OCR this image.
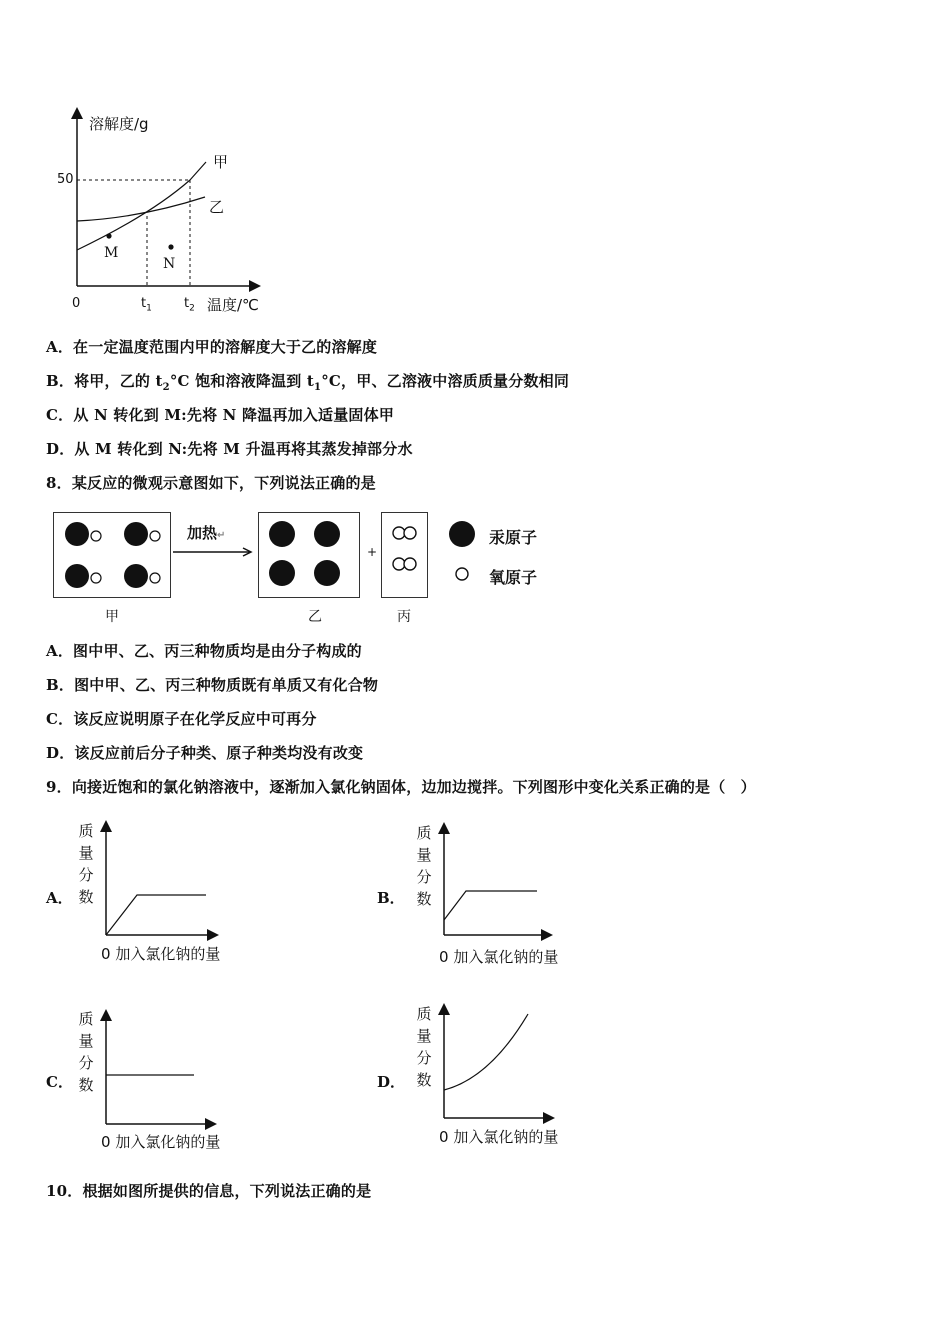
溶解度/g
50
0	$t_1$ $t_2$ 温度/℃
甲
乙
M
N
A．在一定温度范围内甲的溶解度大于乙的溶解度
B．将甲，乙的 $t_2^\circ C$ 饱和溶液降温到 $t_1^\circ C$，甲、乙溶液中溶质质量分数相同
C．从 N 转化到 M:先将 N 降温再加入适量固体甲
D．从 M 转化到 N:先将 M 升温再将其蒸发掉部分水
8．某反应的微观示意图如下，下列说法正确的是
加热↵
+
甲	乙	丙
汞原子
氧原子
A．图中甲、乙、丙三种物质均是由分子构成的
B．图中甲、乙、丙三种物质既有单质又有化合物
C．该反应说明原子在化学反应中可再分
D．该反应前后分子种类、原子种类均没有改变
9．向接近饱和的氯化钠溶液中，逐渐加入氯化钠固体，边加边搅拌。下列图形中变化关系正确的是（　）
A．
质
量
分
数
0 加入氯化钠的量
B．
质
量
分
数
0 加入氯化钠的量
C．
质
量
分
数
0 加入氯化钠的量
D．
质
量
分
数
0 加入氯化钠的量
10．根据如图所提供的信息，下列说法正确的是
